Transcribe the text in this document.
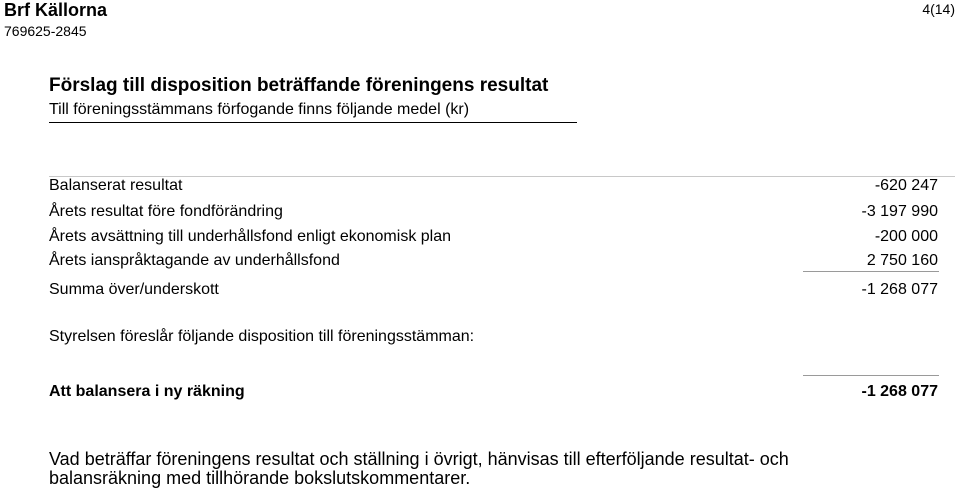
Brf Källorna
769625-2845
4(14)
Förslag till disposition beträffande föreningens resultat
Till föreningsstämmans förfogande finns följande medel (kr)
Balanserat resultat	-620 247
Årets resultat före fondförändring	-3 197 990
Årets avsättning till underhållsfond enligt ekonomisk plan	-200 000
Årets ianspråktagande av underhållsfond	2 750 160
Summa över/underskott	-1 268 077
Styrelsen föreslår följande disposition till föreningsstämman:
Att balansera i ny räkning	-1 268 077
Vad beträffar föreningens resultat och ställning i övrigt, hänvisas till efterföljande resultat- och
balansräkning med tillhörande bokslutskommentarer.
